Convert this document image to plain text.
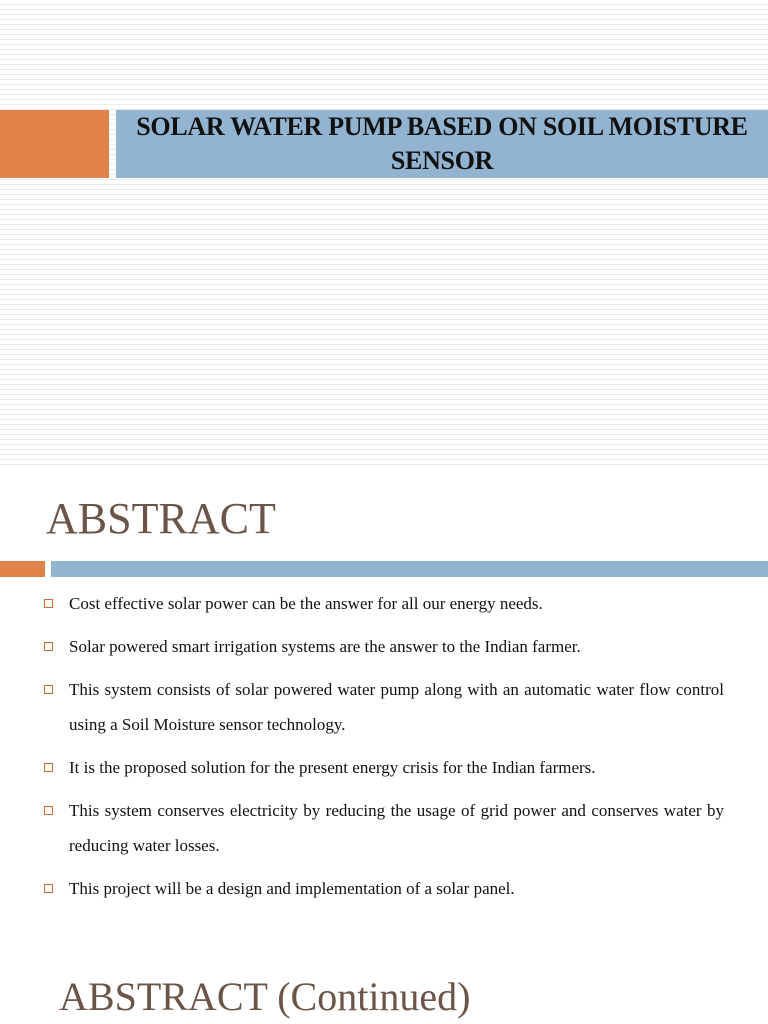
SOLAR WATER PUMP BASED ON SOIL MOISTURE SENSOR
ABSTRACT
Cost effective solar power can be the answer for all our energy needs.
Solar powered smart irrigation systems are the answer to the Indian farmer.
This system consists of solar powered water pump along with an automatic water flow control using a Soil Moisture sensor technology.
It is the proposed solution for the present energy crisis for the Indian farmers.
This system conserves electricity by reducing the usage of grid power and conserves water by reducing water losses.
This project will be a design and implementation of a solar panel.
ABSTRACT (Continued)
